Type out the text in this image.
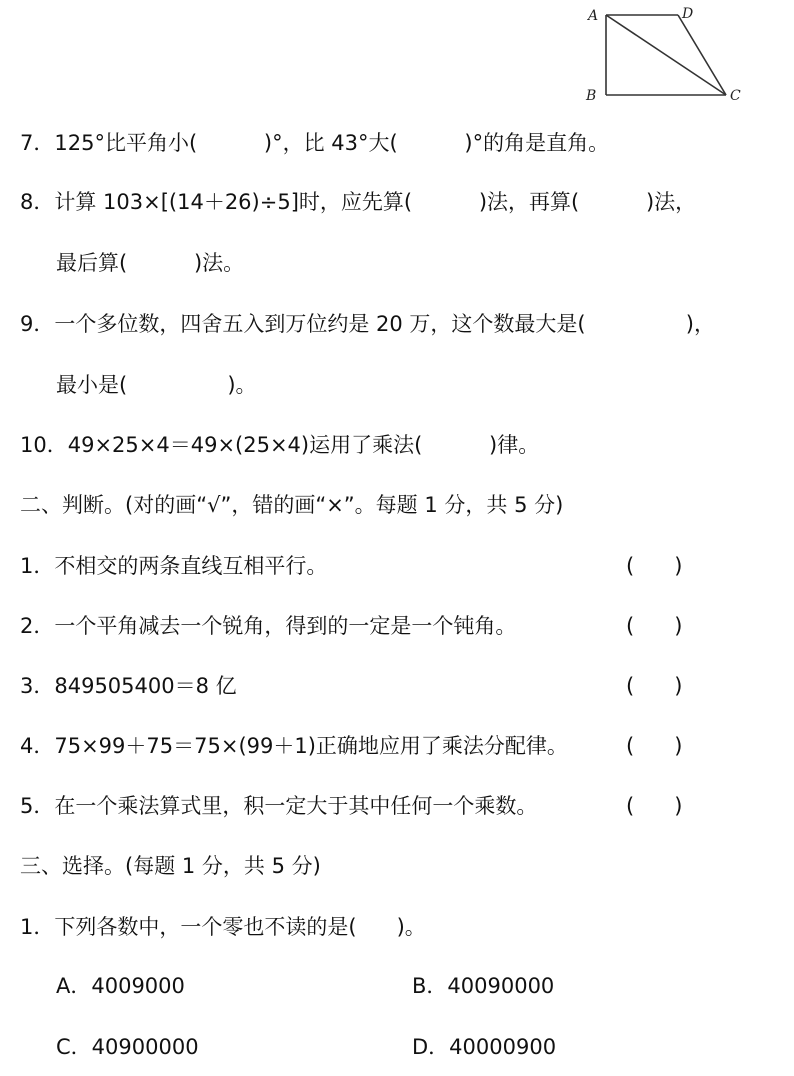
A	D
B	C
7．125°比平角小(          )°，比 43°大(          )°的角是直角。
8．计算 103×[(14＋26)÷5]时，应先算(          )法，再算(          )法，
最后算(          )法。
9．一个多位数，四舍五入到万位约是 20 万，这个数最大是(               )，
最小是(               )。
10．49×25×4＝49×(25×4)运用了乘法(          )律。
二、判断。(对的画“√”，错的画“×”。每题 1 分，共 5 分)
1．不相交的两条直线互相平行。	(      )
2．一个平角减去一个锐角，得到的一定是一个钝角。	(      )
3．849505400＝8 亿	(      )
4．75×99＋75＝75×(99＋1)正确地应用了乘法分配律。	(      )
5．在一个乘法算式里，积一定大于其中任何一个乘数。	(      )
三、选择。(每题 1 分，共 5 分)
1．下列各数中，一个零也不读的是(      )。
A．4009000	B．40090000
C．40900000	D．40000900
